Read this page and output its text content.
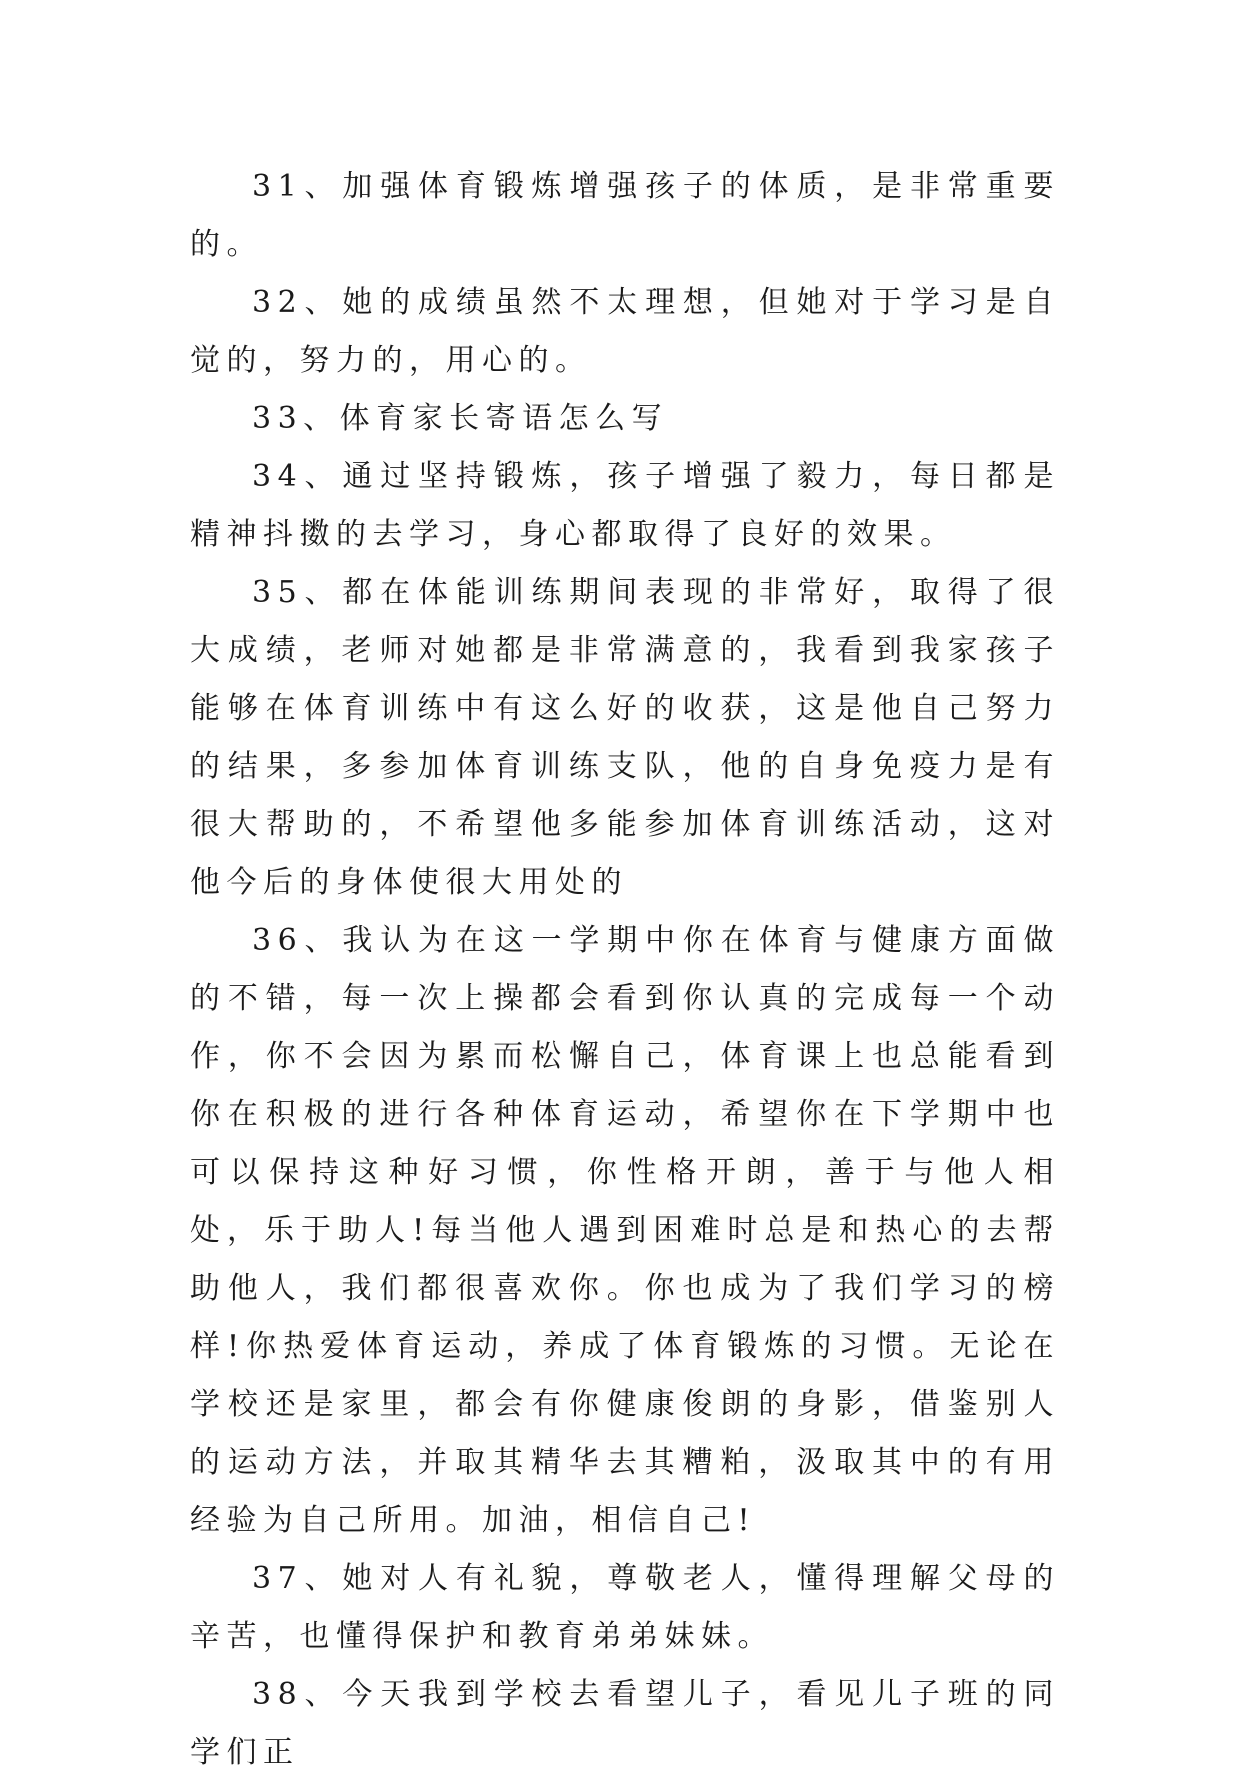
31、加强体育锻炼增强孩子的体质，是非常重要的。

32、她的成绩虽然不太理想，但她对于学习是自觉的，努力的，用心的。

33、体育家长寄语怎么写

34、通过坚持锻炼，孩子增强了毅力，每日都是精神抖擞的去学习，身心都取得了良好的效果。

35、都在体能训练期间表现的非常好，取得了很大成绩，老师对她都是非常满意的，我看到我家孩子能够在体育训练中有这么好的收获，这是他自己努力的结果，多参加体育训练支队，他的自身免疫力是有很大帮助的，不希望他多能参加体育训练活动，这对他今后的身体使很大用处的

36、我认为在这一学期中你在体育与健康方面做的不错，每一次上操都会看到你认真的完成每一个动作，你不会因为累而松懈自己，体育课上也总能看到你在积极的进行各种体育运动，希望你在下学期中也可以保持这种好习惯，你性格开朗，善于与他人相处，乐于助人!每当他人遇到困难时总是和热心的去帮助他人，我们都很喜欢你。你也成为了我们学习的榜样!你热爱体育运动，养成了体育锻炼的习惯。无论在学校还是家里，都会有你健康俊朗的身影，借鉴别人的运动方法，并取其精华去其糟粕，汲取其中的有用经验为自己所用。加油，相信自己!

37、她对人有礼貌，尊敬老人，懂得理解父母的辛苦，也懂得保护和教育弟弟妹妹。

38、今天我到学校去看望儿子，看见儿子班的同学们正
